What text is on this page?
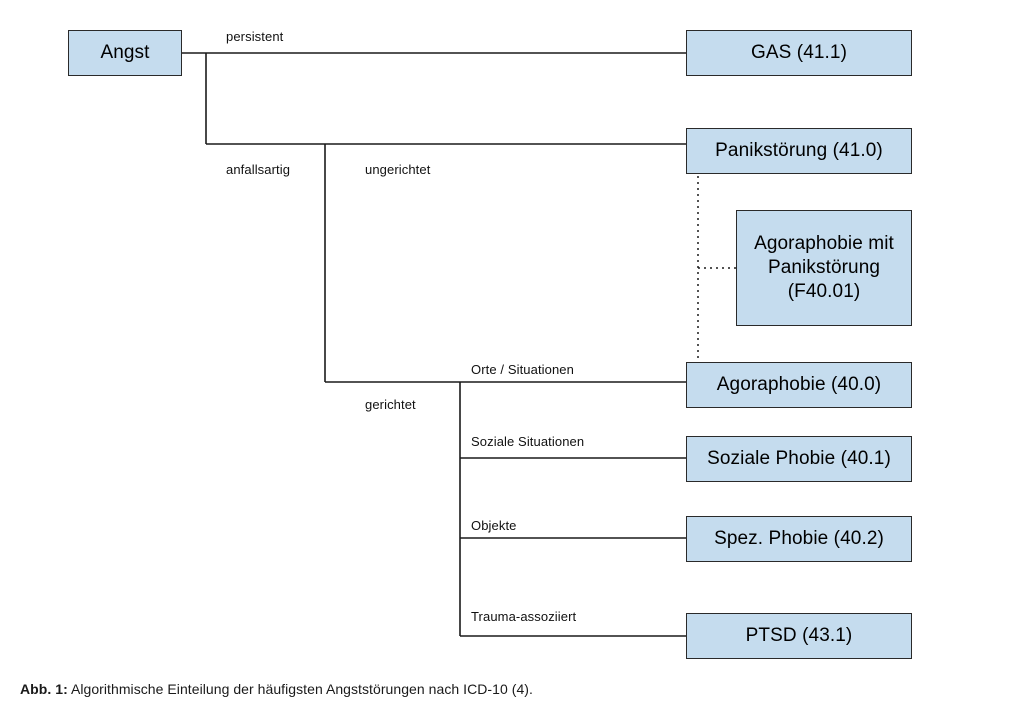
Angst	GAS (41.1)
Panikstörung (41.0)
Agoraphobie mit
Panikstörung
(F40.01)
Agoraphobie (40.0)
Soziale Phobie (40.1)
Spez. Phobie (40.2)
PTSD (43.1)
persistent
anfallsartig	ungerichtet
gerichtet
Orte / Situationen
Soziale Situationen
Objekte
Trauma-assoziiert
Abb. 1: Algorithmische Einteilung der häufigsten Angststörungen nach ICD-10 (4).
